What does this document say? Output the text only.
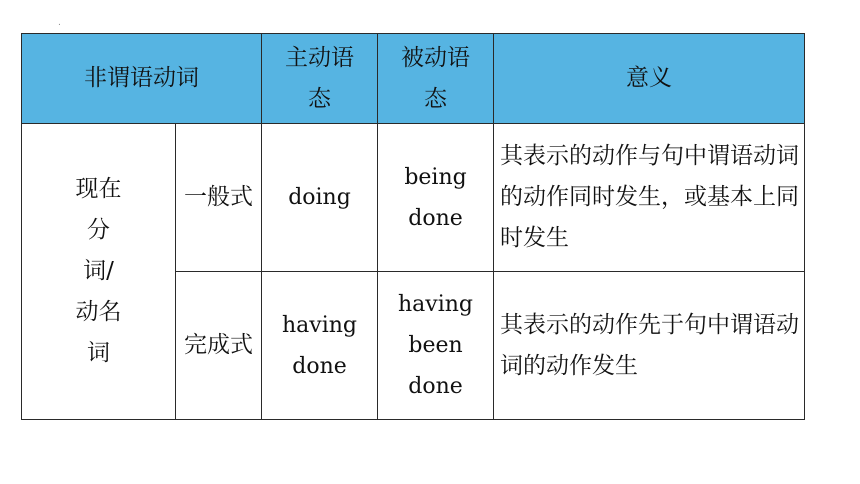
.
非谓语动词		主动语态	被动语态	意义
现在分词/动名词	一般式	doing	being done	其表示的动作与句中谓语动词的动作同时发生，或基本上同时发生
	完成式	having done	having been done	其表示的动作先于句中谓语动词的动作发生
